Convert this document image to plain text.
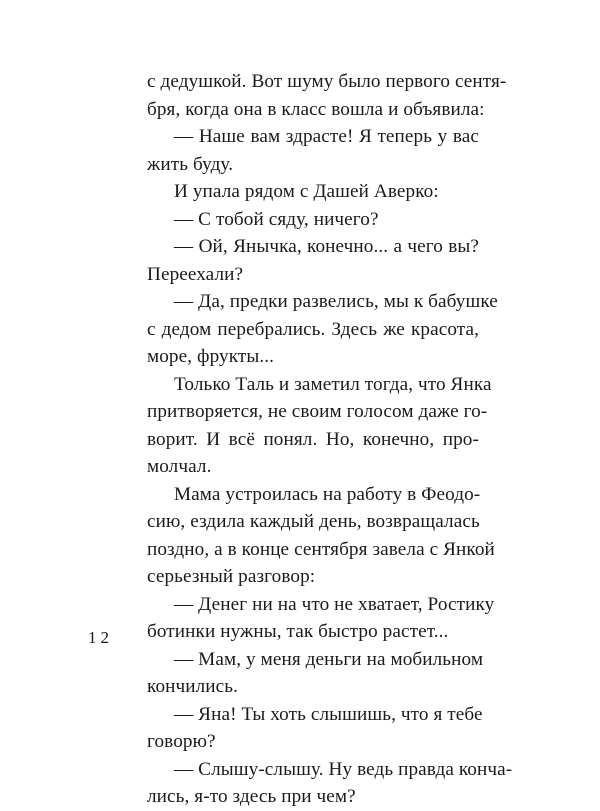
с дедушкой. Вот шуму было первого сентя-
бря, когда она в класс вошла и объявила:
— Наше вам здрасте! Я теперь у вас
жить буду.
И упала рядом с Дашей Аверко:
— С тобой сяду, ничего?
— Ой, Янычка, конечно... а чего вы?
Переехали?
— Да, предки развелись, мы к бабушке
с дедом перебрались. Здесь же красота,
море, фрукты...
Только Таль и заметил тогда, что Янка
притворяется, не своим голосом даже го-
ворит. И всё понял. Но, конечно, про-
молчал.
Мама устроилась на работу в Феодо-
сию, ездила каждый день, возвращалась
поздно, а в конце сентября завела с Янкой
серьезный разговор:
— Денег ни на что не хватает, Ростику
ботинки нужны, так быстро растет...
— Мам, у меня деньги на мобильном
кончились.
— Яна! Ты хоть слышишь, что я тебе
говорю?
— Слышу-слышу. Ну ведь правда конча-
лись, я-то здесь при чем?
12
